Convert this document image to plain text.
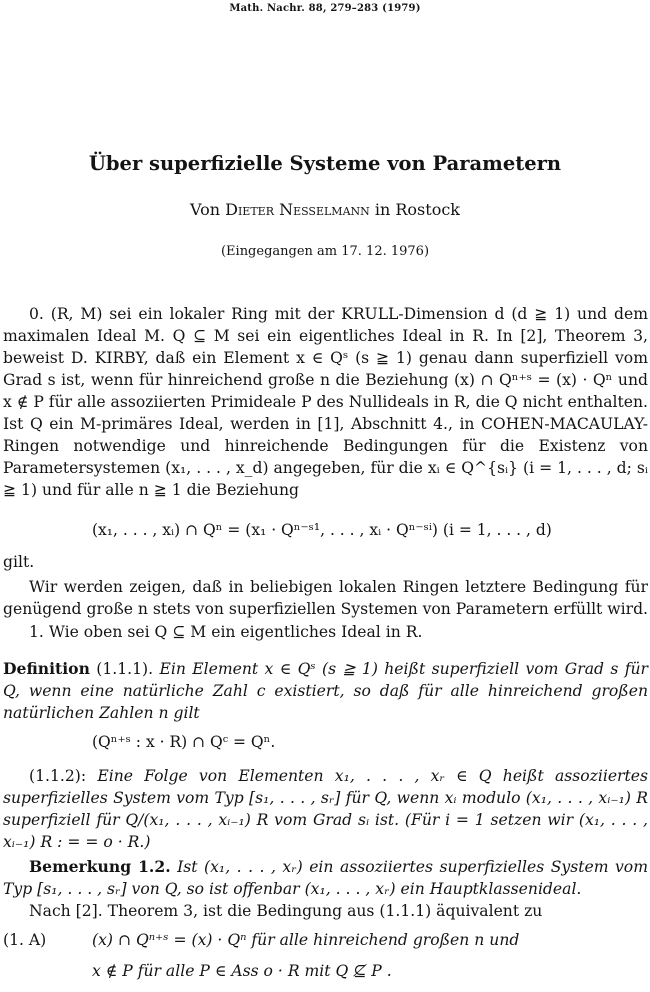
Math. Nachr. 88, 279–283 (1979)
Über superfizielle Systeme von Parametern
Von Dieter Nesselmann in Rostock
(Eingegangen am 17. 12. 1976)

0. (R, M) sei ein lokaler Ring mit der KRULL-Dimension d (d ≧ 1) und dem maximalen Ideal M. Q ⊆ M sei ein eigentliches Ideal in R. In [2], Theorem 3, beweist D. KIRBY, daß ein Element x ∈ Qˢ (s ≧ 1) genau dann superfiziell vom Grad s ist, wenn für hinreichend große n die Beziehung (x) ∩ Qⁿ⁺ˢ = (x) · Qⁿ und x ∉ P für alle assoziierten Primideale P des Nullideals in R, die Q nicht enthalten. Ist Q ein M-primäres Ideal, werden in [1], Abschnitt 4., in COHEN-MACAULAY-Ringen notwendige und hinreichende Bedingungen für die Existenz von Parametersystemen (x₁, . . . , x_d) angegeben, für die xᵢ ∈ Q^{sᵢ} (i = 1, . . . , d; sᵢ ≧ 1) und für alle n ≧ 1 die Beziehung

(x₁, . . . , xᵢ) ∩ Qⁿ = (x₁ · Qⁿ⁻ˢ¹, . . . , xᵢ · Qⁿ⁻ˢⁱ) (i = 1, . . . , d)
gilt.

Wir werden zeigen, daß in beliebigen lokalen Ringen letztere Bedingung für genügend große n stets von superfiziellen Systemen von Parametern erfüllt wird.

1. Wie oben sei Q ⊆ M ein eigentliches Ideal in R.

Definition (1.1.1). Ein Element x ∈ Qˢ (s ≧ 1) heißt superfiziell vom Grad s für Q, wenn eine natürliche Zahl c existiert, so daß für alle hinreichend großen natürlichen Zahlen n gilt

(Qⁿ⁺ˢ : x · R) ∩ Qᶜ = Qⁿ.

(1.1.2): Eine Folge von Elementen x₁, . . . , xᵣ ∈ Q heißt assoziiertes superfizielles System vom Typ [s₁, . . . , sᵣ] für Q, wenn xᵢ modulo (x₁, . . . , xᵢ₋₁) R superfiziell für Q/(x₁, . . . , xᵢ₋₁) R vom Grad sᵢ ist. (Für i = 1 setzen wir (x₁, . . . , xᵢ₋₁) R : = = o · R.)

Bemerkung 1.2. Ist (x₁, . . . , xᵣ) ein assoziiertes superfizielles System vom Typ [s₁, . . . , sᵣ] von Q, so ist offenbar (x₁, . . . , xᵣ) ein Hauptklassenideal.

Nach [2]. Theorem 3, ist die Bedingung aus (1.1.1) äquivalent zu

(1. A)	(x) ∩ Qⁿ⁺ˢ = (x) · Qⁿ für alle hinreichend großen n und
x ∉ P für alle P ∈ Ass o · R mit Q ⊈ P .
